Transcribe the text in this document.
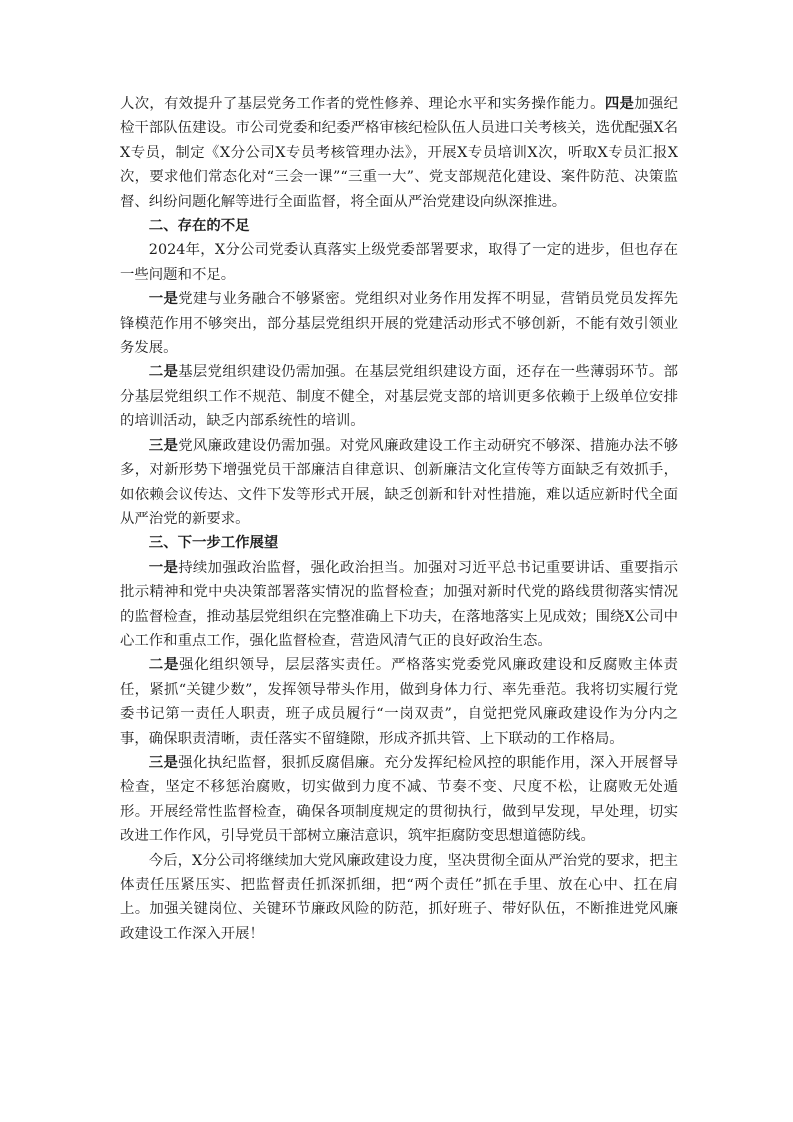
人次，有效提升了基层党务工作者的党性修养、理论水平和实务操作能力。四是加强纪检干部队伍建设。市公司党委和纪委严格审核纪检队伍人员进口关考核关，选优配强X名X专员，制定《X分公司X专员考核管理办法》，开展X专员培训X次，听取X专员汇报X次，要求他们常态化对“三会一课”“三重一大”、党支部规范化建设、案件防范、决策监督、纠纷问题化解等进行全面监督，将全面从严治党建设向纵深推进。

二、存在的不足

2024年，X分公司党委认真落实上级党委部署要求，取得了一定的进步，但也存在一些问题和不足。

一是党建与业务融合不够紧密。党组织对业务作用发挥不明显，营销员党员发挥先锋模范作用不够突出，部分基层党组织开展的党建活动形式不够创新，不能有效引领业务发展。

二是基层党组织建设仍需加强。在基层党组织建设方面，还存在一些薄弱环节。部分基层党组织工作不规范、制度不健全，对基层党支部的培训更多依赖于上级单位安排的培训活动，缺乏内部系统性的培训。

三是党风廉政建设仍需加强。对党风廉政建设工作主动研究不够深、措施办法不够多，对新形势下增强党员干部廉洁自律意识、创新廉洁文化宣传等方面缺乏有效抓手，如依赖会议传达、文件下发等形式开展，缺乏创新和针对性措施，难以适应新时代全面从严治党的新要求。

三、下一步工作展望

一是持续加强政治监督，强化政治担当。加强对习近平总书记重要讲话、重要指示批示精神和党中央决策部署落实情况的监督检查；加强对新时代党的路线贯彻落实情况的监督检查，推动基层党组织在完整准确上下功夫，在落地落实上见成效；围绕X公司中心工作和重点工作，强化监督检查，营造风清气正的良好政治生态。

二是强化组织领导，层层落实责任。严格落实党委党风廉政建设和反腐败主体责任，紧抓“关键少数”，发挥领导带头作用，做到身体力行、率先垂范。我将切实履行党委书记第一责任人职责，班子成员履行“一岗双责”，自觉把党风廉政建设作为分内之事，确保职责清晰，责任落实不留缝隙，形成齐抓共管、上下联动的工作格局。

三是强化执纪监督，狠抓反腐倡廉。充分发挥纪检风控的职能作用，深入开展督导检查，坚定不移惩治腐败，切实做到力度不减、节奏不变、尺度不松，让腐败无处遁形。开展经常性监督检查，确保各项制度规定的贯彻执行，做到早发现，早处理，切实改进工作作风，引导党员干部树立廉洁意识，筑牢拒腐防变思想道德防线。

今后，X分公司将继续加大党风廉政建设力度，坚决贯彻全面从严治党的要求，把主体责任压紧压实、把监督责任抓深抓细，把“两个责任”抓在手里、放在心中、扛在肩上。加强关键岗位、关键环节廉政风险的防范，抓好班子、带好队伍，不断推进党风廉政建设工作深入开展！
